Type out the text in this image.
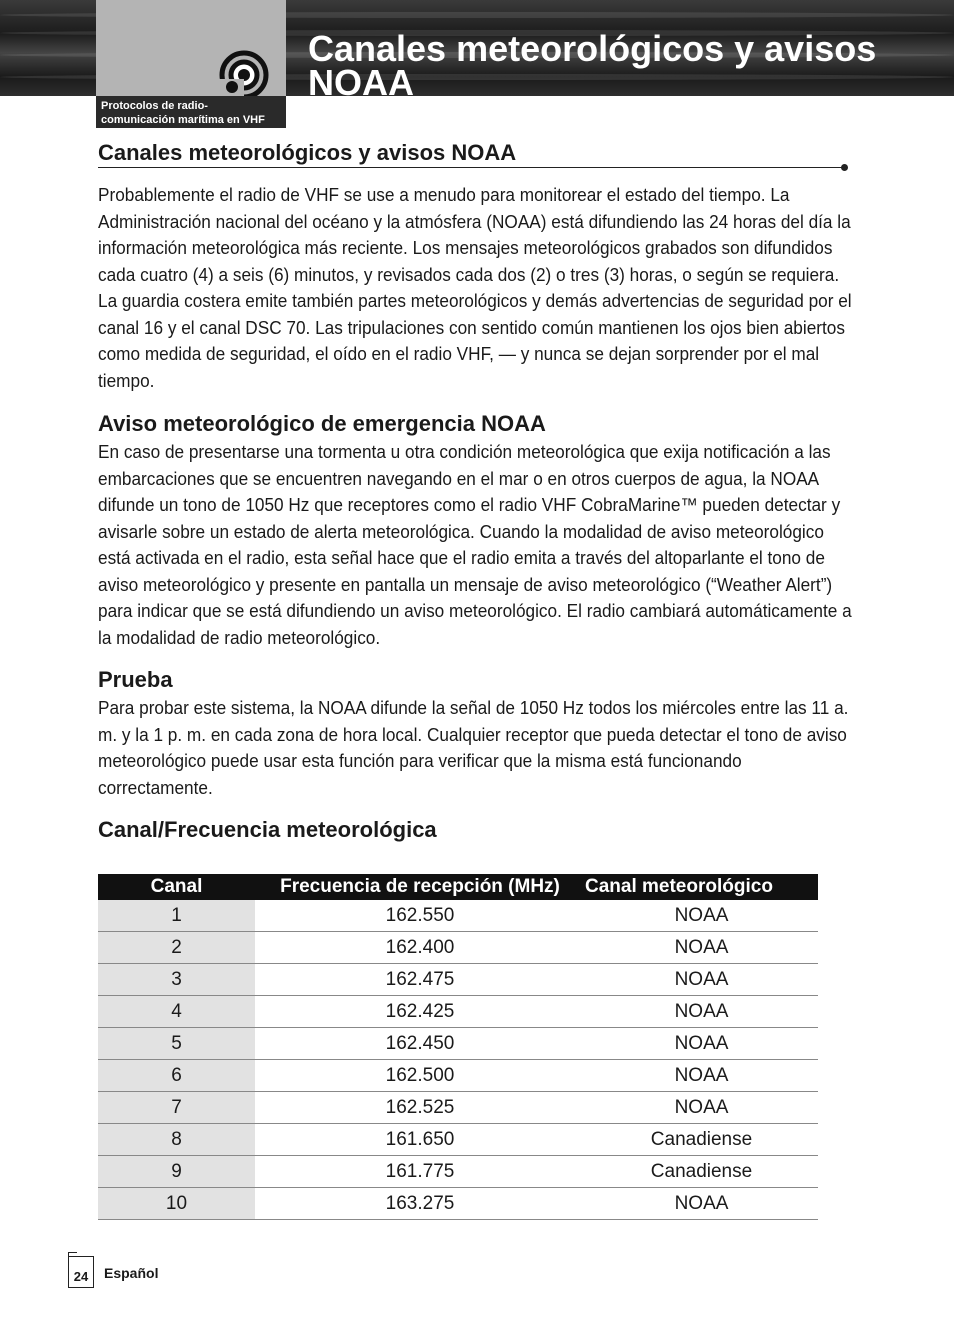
Protocolos de radio-
comunicación marítima en VHF
Canales meteorológicos y avisos NOAA
Canales meteorológicos y avisos NOAA

Probablemente el radio de VHF se use a menudo para monitorear el estado del tiempo. La Administración nacional del océano y la atmósfera (NOAA) está difundiendo las 24 horas del día la información meteorológica más reciente. Los mensajes meteorológicos grabados son difundidos cada cuatro (4) a seis (6) minutos, y revisados cada dos (2) o tres (3) horas, o según se requiera. La guardia costera emite también partes meteorológicos y demás advertencias de seguridad por el canal 16 y el canal DSC 70. Las tripulaciones con sentido común mantienen los ojos bien abiertos como medida de seguridad, el oído en el radio VHF, — y nunca se dejan sorprender por el mal tiempo.

Aviso meteorológico de emergencia NOAA

En caso de presentarse una tormenta u otra condición meteorológica que exija notificación a las embarcaciones que se encuentren navegando en el mar o en otros cuerpos de agua, la NOAA difunde un tono de 1050 Hz que receptores como el radio VHF CobraMarine™ pueden detectar y avisarle sobre un estado de alerta meteorológica. Cuando la modalidad de aviso meteorológico está activada en el radio, esta señal hace que el radio emita a través del altoparlante el tono de aviso meteorológico y presente en pantalla un mensaje de aviso meteorológico (“Weather Alert”) para indicar que se está difundiendo un aviso meteorológico. El radio cambiará automáticamente a la modalidad de radio meteorológico.

Prueba

Para probar este sistema, la NOAA difunde la señal de 1050 Hz todos los miércoles entre las 11 a. m. y la 1 p. m. en cada zona de hora local. Cualquier receptor que pueda detectar el tono de aviso meteorológico puede usar esta función para verificar que la misma está funcionando correctamente.

Canal/Frecuencia meteorológica
Canal	Frecuencia de recepción (MHz)	Canal meteorológico
1	162.550	NOAA
2	162.400	NOAA
3	162.475	NOAA
4	162.425	NOAA
5	162.450	NOAA
6	162.500	NOAA
7	162.525	NOAA
8	161.650	Canadiense
9	161.775	Canadiense
10	163.275	NOAA
24	Español
